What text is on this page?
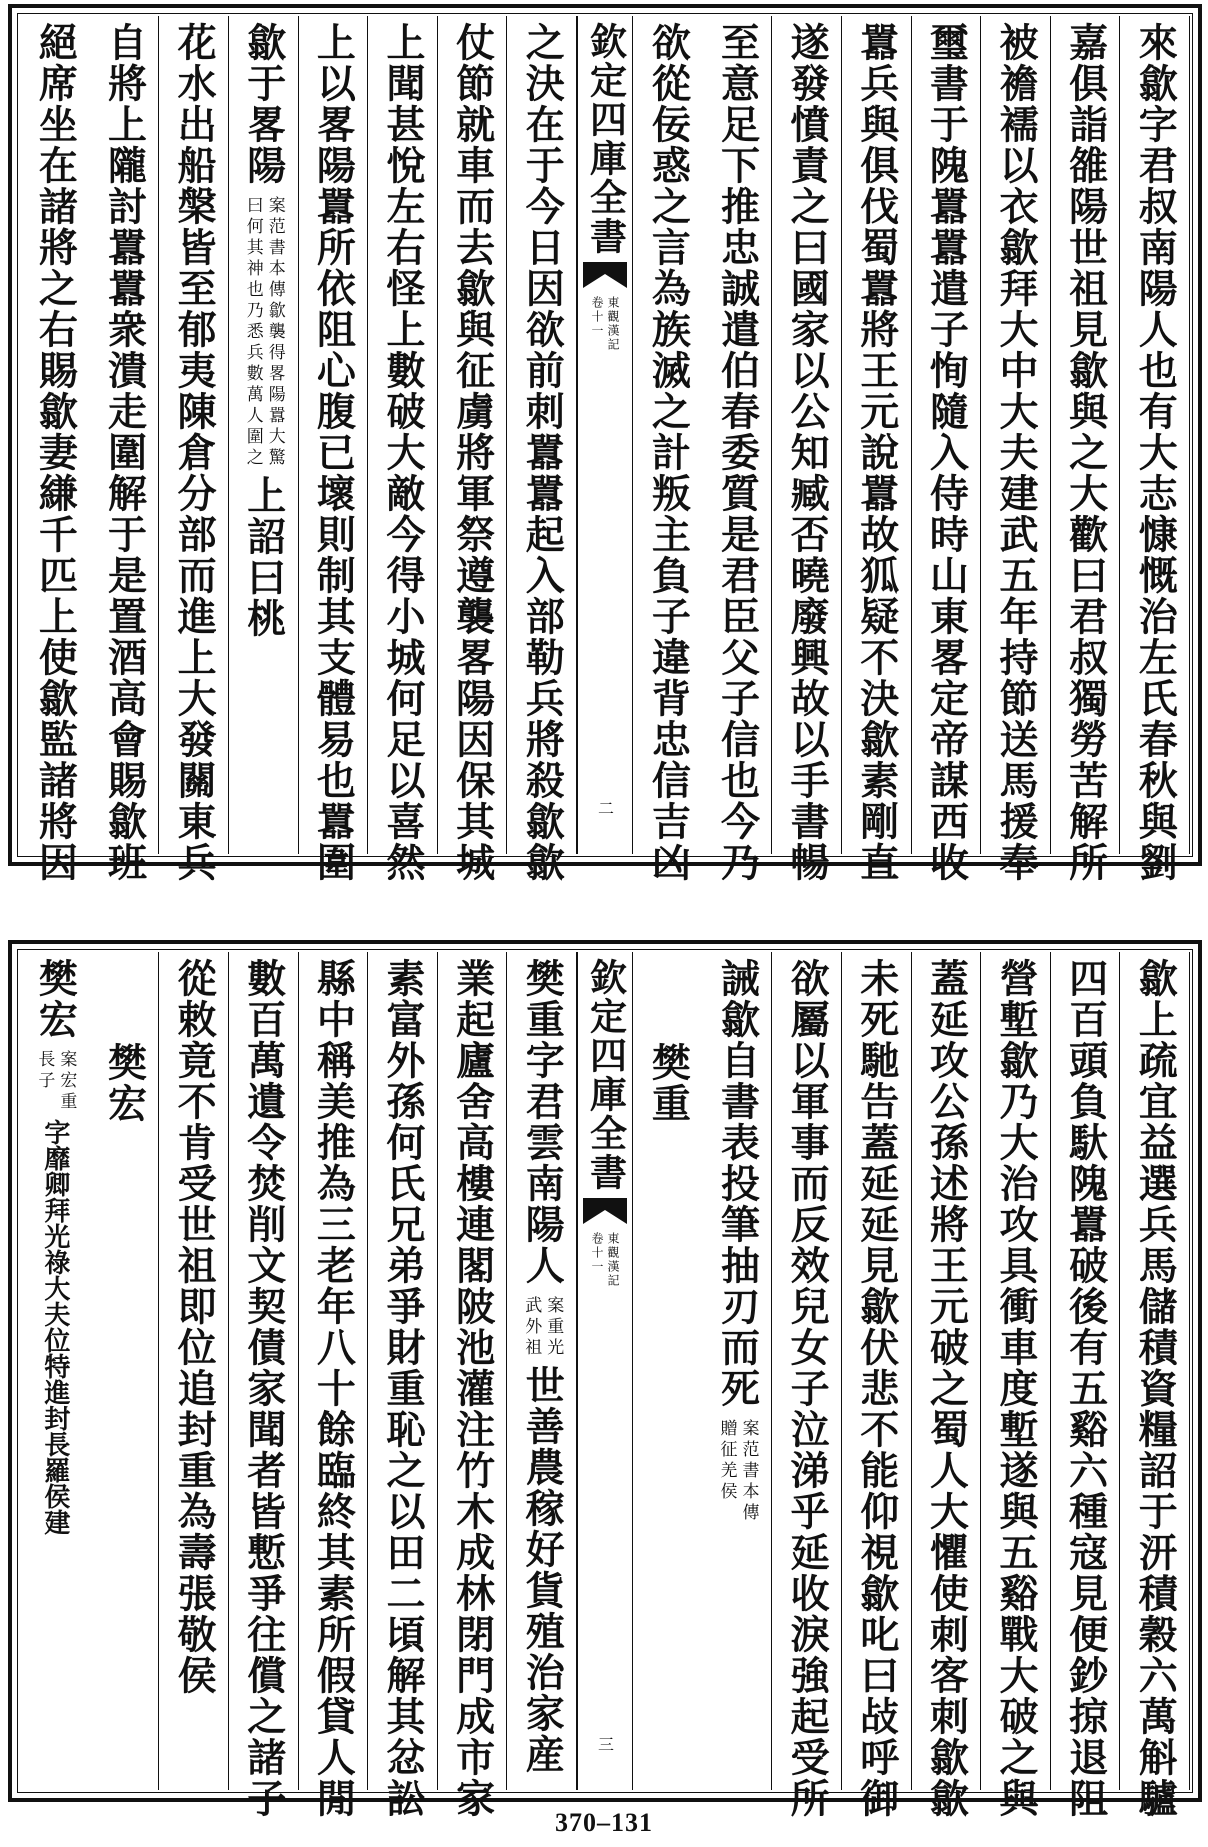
來歙字君叔南陽人也有大志慷慨治左氏春秋與劉
嘉俱詣雒陽世祖見歙與之大歡曰君叔獨勞苦解所
被襜襦以衣歙拜大中大夫建武五年持節送馬援奉
璽書于隗囂囂遣子恂隨入侍時山東畧定帝謀西收
囂兵與俱伐蜀囂將王元說囂故狐疑不決歙素剛直
遂發憤責之曰國家以公知臧否曉廢興故以手書暢
至意足下推忠誠遣伯春委質是君臣父子信也今乃
欲從佞惑之言為族滅之計叛主負子違背忠信吉凶
欽定四庫全書
東觀漢記
卷十一
二
之決在于今日因欲前刺囂囂起入部勒兵將殺歙歙
仗節就車而去歙與征虜將軍祭遵襲畧陽因保其城
上聞甚悅左右怪上數破大敵今得小城何足以喜然
上以畧陽囂所依阻心腹已壞則制其支體易也囂圍
歙于畧陽
案范書本傳歙襲得畧陽囂大驚
曰何其神也乃悉兵數萬人圍之
上詔曰桃
花水出船槃皆至郁夷陳倉分部而進上大發關東兵
自將上隴討囂囂衆潰走圍解于是置酒高會賜歙班
絕席坐在諸將之右賜歙妻縑千匹上使歙監諸將因
歙上疏宜益選兵馬儲積資糧詔于汧積穀六萬斛驢
四百頭負馱隗囂破後有五谿六種寇見便鈔掠退阻
營塹歙乃大治攻具衝車度塹遂與五谿戰大破之與
蓋延攻公孫述將王元破之蜀人大懼使刺客刺歙歙
未死馳告蓋延延見歙伏悲不能仰視歙叱曰敁呼御
欲屬以軍事而反效兒女子泣涕乎延收淚強起受所
誡歙自書表投筆抽刃而死
案范書本傳
贈征羌侯
樊重
欽定四庫全書
東觀漢記
卷十一
三
樊重字君雲南陽人
案重光
武外祖
世善農稼好貨殖治家産
業起廬舍高樓連閣陂池灌注竹木成林閉門成市家
素富外孫何氏兄弟爭財重恥之以田二頃解其忿訟
縣中稱美推為三老年八十餘臨終其素所假貸人閒
數百萬遺令焚削文契債家聞者皆慙爭往償之諸子
從敕竟不肯受世祖即位追封重為壽張敬侯
樊宏
樊宏
案宏重
長子
字靡卿拜光祿大夫位特進封長羅侯建
370–131
